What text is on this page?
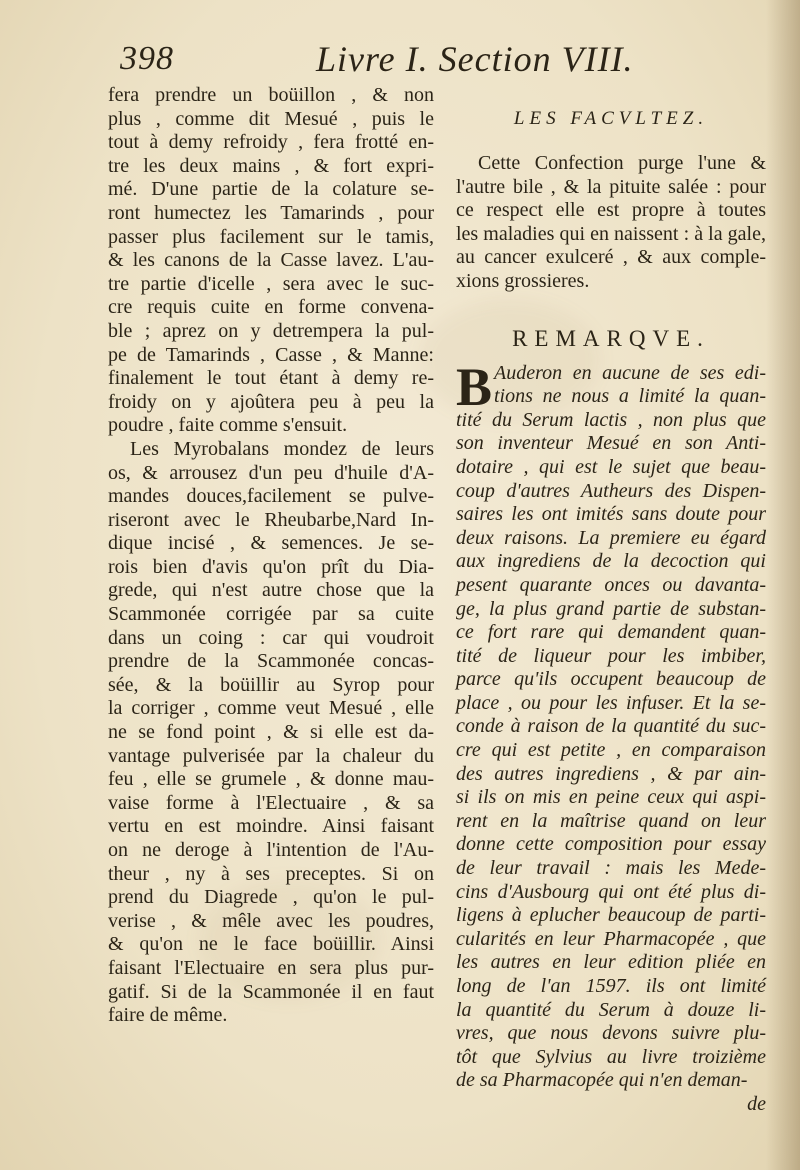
398	Livre I. Section VIII.
fera prendre un boüillon , & non
plus , comme dit Mesué , puis le
tout à demy refroidy , fera frotté en-
tre les deux mains , & fort expri-
mé. D'une partie de la colature se-
ront humectez les Tamarinds , pour
passer plus facilement sur le tamis,
& les canons de la Casse lavez. L'au-
tre partie d'icelle , sera avec le suc-
cre requis cuite en forme convena-
ble ; aprez on y detrempera la pul-
pe de Tamarinds , Casse , & Manne:
finalement le tout étant à demy re-
froidy on y ajoûtera peu à peu la
poudre , faite comme s'ensuit.
Les Myrobalans mondez de leurs
os, & arrousez d'un peu d'huile d'A-
mandes douces,facilement se pulve-
riseront avec le Rheubarbe,Nard In-
dique incisé , & semences. Je se-
rois bien d'avis qu'on prît du Dia-
grede, qui n'est autre chose que la
Scammonée corrigée par sa cuite
dans un coing : car qui voudroit
prendre de la Scammonée concas-
sée, & la boüillir au Syrop pour
la corriger , comme veut Mesué , elle
ne se fond point , & si elle est da-
vantage pulverisée par la chaleur du
feu , elle se grumele , & donne mau-
vaise forme à l'Electuaire , & sa
vertu en est moindre. Ainsi faisant
on ne deroge à l'intention de l'Au-
theur , ny à ses preceptes. Si on
prend du Diagrede , qu'on le pul-
verise , & mêle avec les poudres,
& qu'on ne le face boüillir. Ainsi
faisant l'Electuaire en sera plus pur-
gatif. Si de la Scammonée il en faut
faire de même.
LES FACVLTEZ.
Cette Confection purge l'une &
l'autre bile , & la pituite salée : pour
ce respect elle est propre à toutes
les maladies qui en naissent : à la gale,
au cancer exulceré , & aux comple-
xions grossieres.
REMARQVE.
B Auderon en aucune de ses edi-
tions ne nous a limité la quan-
tité du Serum lactis , non plus que
son inventeur Mesué en son Anti-
dotaire , qui est le sujet que beau-
coup d'autres Autheurs des Dispen-
saires les ont imités sans doute pour
deux raisons. La premiere eu égard
aux ingrediens de la decoction qui
pesent quarante onces ou davanta-
ge, la plus grand partie de substan-
ce fort rare qui demandent quan-
tité de liqueur pour les imbiber,
parce qu'ils occupent beaucoup de
place , ou pour les infuser. Et la se-
conde à raison de la quantité du suc-
cre qui est petite , en comparaison
des autres ingrediens , & par ain-
si ils on mis en peine ceux qui aspi-
rent en la maîtrise quand on leur
donne cette composition pour essay
de leur travail : mais les Mede-
cins d'Ausbourg qui ont été plus di-
ligens à eplucher beaucoup de parti-
cularités en leur Pharmacopée , que
les autres en leur edition pliée en
long de l'an 1597. ils ont limité
la quantité du Serum à douze li-
vres, que nous devons suivre plu-
tôt que Sylvius au livre troizième
de sa Pharmacopée qui n'en deman-
de
